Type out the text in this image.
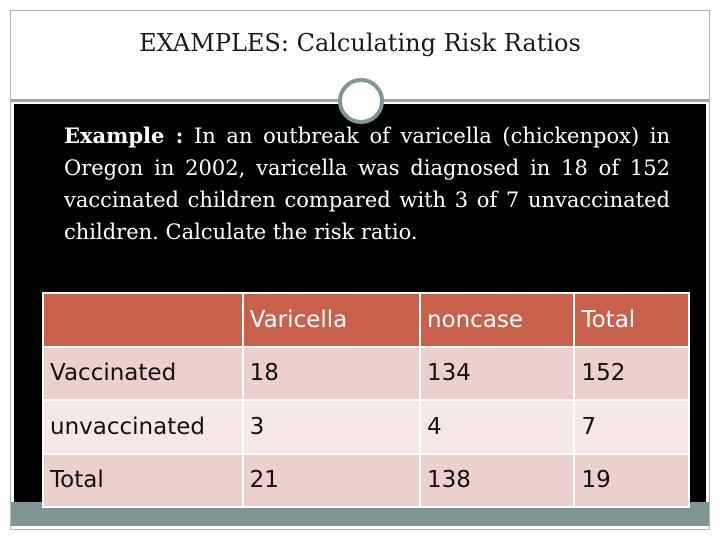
EXAMPLES: Calculating Risk Ratios
Example : In an outbreak of varicella (chickenpox) in Oregon in 2002, varicella was diagnosed in 18 of 152 vaccinated children compared with 3 of 7 unvaccinated children. Calculate the risk ratio.
	Varicella	noncase	Total
Vaccinated	18	134	152
unvaccinated	3	4	7
Total	21	138	19
